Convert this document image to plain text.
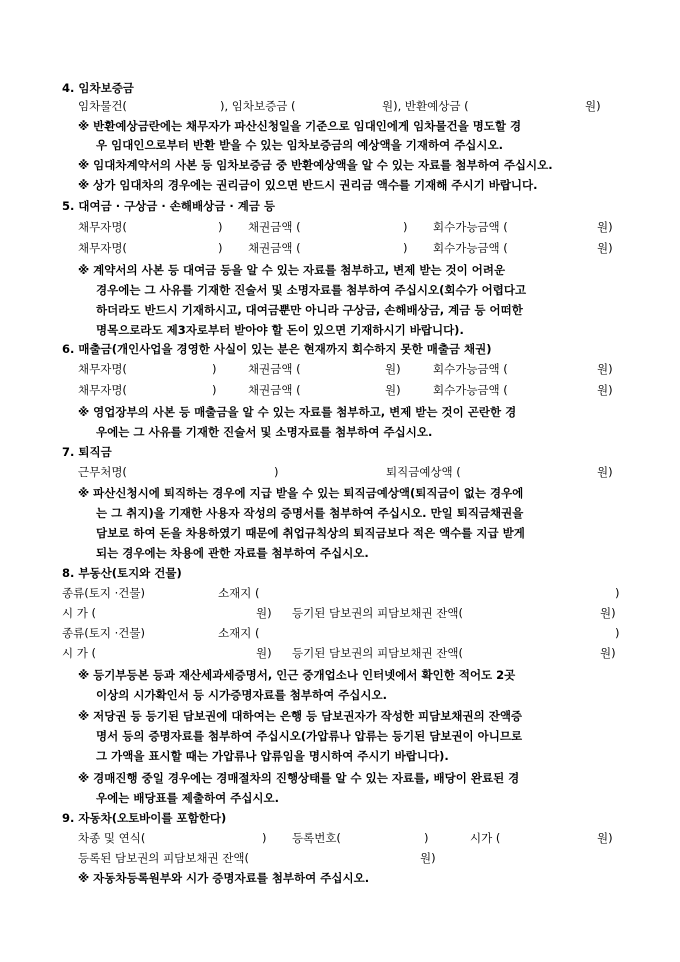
4. 임차보증금
임차물건(	), 임차보증금 (	원), 반환예상금 (	원)
※ 반환예상금란에는 채무자가 파산신청일을 기준으로 임대인에게 임차물건을 명도할 경
우 임대인으로부터 반환 받을 수 있는 임차보증금의 예상액을 기재하여 주십시오.
※ 임대차계약서의 사본 등 임차보증금 중 반환예상액을 알 수 있는 자료를 첨부하여 주십시오.
※ 상가 임대차의 경우에는 권리금이 있으면 반드시 권리금 액수를 기재해 주시기 바랍니다.
5. 대여금 · 구상금 · 손해배상금 · 계금 등
채무자명(	) 채권금액 (	) 회수가능금액 (	원)
채무자명(	) 채권금액 (	) 회수가능금액 (	원)
※ 계약서의 사본 등 대여금 등을 알 수 있는 자료를 첨부하고, 변제 받는 것이 어려운
경우에는 그 사유를 기재한 진술서 및 소명자료를 첨부하여 주십시오(회수가 어렵다고
하더라도 반드시 기재하시고, 대여금뿐만 아니라 구상금, 손해배상금, 계금 등 어떠한
명목으로라도 제3자로부터 받아야 할 돈이 있으면 기재하시기 바랍니다).
6. 매출금(개인사업을 경영한 사실이 있는 분은 현재까지 회수하지 못한 매출금 채권)
채무자명(	)	채권금액 (	원)	회수가능금액 (	원)
채무자명(	)	채권금액 (	원)	회수가능금액 (	원)
※ 영업장부의 사본 등 매출금을 알 수 있는 자료를 첨부하고, 변제 받는 것이 곤란한 경
우에는 그 사유를 기재한 진술서 및 소명자료를 첨부하여 주십시오.
7. 퇴직금
근무처명(	)	퇴직금예상액 (	원)
※ 파산신청시에 퇴직하는 경우에 지급 받을 수 있는 퇴직금예상액(퇴직금이 없는 경우에
는 그 취지)을 기재한 사용자 작성의 증명서를 첨부하여 주십시오. 만일 퇴직금채권을
담보로 하여 돈을 차용하였기 때문에 취업규칙상의 퇴직금보다 적은 액수를 지급 받게
되는 경우에는 차용에 관한 자료를 첨부하여 주십시오.
8. 부동산(토지와 건물)
종류(토지 ·건물)	소재지 (	)
시 가 (	원) 등기된 담보권의 피담보채권 잔액(	원)
종류(토지 ·건물)	소재지 (	)
시 가 (	원) 등기된 담보권의 피담보채권 잔액(	원)
※ 등기부등본 등과 재산세과세증명서, 인근 중개업소나 인터넷에서 확인한 적어도 2곳
이상의 시가확인서 등 시가증명자료를 첨부하여 주십시오.
※ 저당권 등 등기된 담보권에 대하여는 은행 등 담보권자가 작성한 피담보채권의 잔액증
명서 등의 증명자료를 첨부하여 주십시오(가압류나 압류는 등기된 담보권이 아니므로
그 가액을 표시할 때는 가압류나 압류임을 명시하여 주시기 바랍니다).
※ 경매진행 중일 경우에는 경매절차의 진행상태를 알 수 있는 자료를, 배당이 완료된 경
우에는 배당표를 제출하여 주십시오.
9. 자동차(오토바이를 포함한다)
차종 및 연식(	) 등록번호(	)	시가 (	원)
등록된 담보권의 피담보채권 잔액(	원)
※ 자동차등록원부와 시가 증명자료를 첨부하여 주십시오.
